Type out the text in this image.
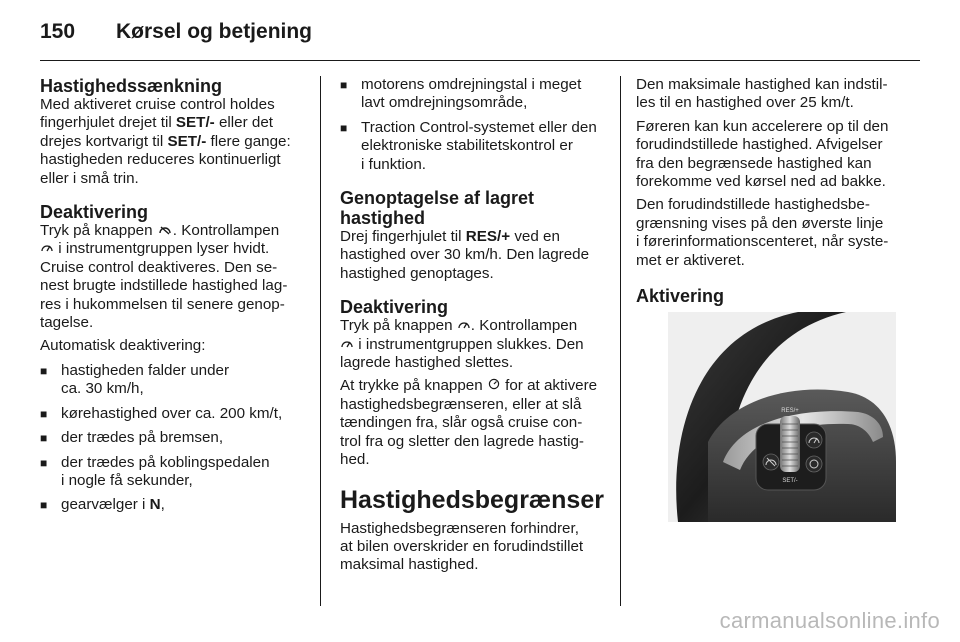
150 Kørsel og betjening
Hastighedssænkning

Med aktiveret cruise control holdes
fingerhjulet drejet til SET/- eller det
drejes kortvarigt til SET/- flere gange:
hastigheden reduceres kontinuerligt
eller i små trin.

Deaktivering

Tryk på knappen . Kontrollampen
i instrumentgruppen lyser hvidt.
Cruise control deaktiveres. Den se-
nest brugte indstillede hastighed lag-
res i hukommelsen til senere genop-
tagelse.

Automatisk deaktivering:

■ hastigheden falder under
ca. 30 km/h,
■ kørehastighed over ca. 200 km/t,
■ der trædes på bremsen,
■ der trædes på koblingspedalen
i nogle få sekunder,
■ gearvælger i N,
■ motorens omdrejningstal i meget
lavt omdrejningsområde,
■ Traction Control-systemet eller den
elektroniske stabilitetskontrol er
i funktion.
Genoptagelse af lagret
hastighed

Drej fingerhjulet til RES/+ ved en
hastighed over 30 km/h. Den lagrede
hastighed genoptages.

Deaktivering

Tryk på knappen . Kontrollampen
i instrumentgruppen slukkes. Den
lagrede hastighed slettes.

At trykke på knappen  for at aktivere
hastighedsbegrænseren, eller at slå
tændingen fra, slår også cruise con-
trol fra og sletter den lagrede hastig-
hed.

Hastighedsbegrænser

Hastighedsbegrænseren forhindrer,
at bilen overskrider en forudindstillet
maksimal hastighed.

Den maksimale hastighed kan indstil-
les til en hastighed over 25 km/t.

Føreren kan kun accelerere op til den
forudindstillede hastighed. Afvigelser
fra den begrænsede hastighed kan
forekomme ved kørsel ned ad bakke.

Den forudindstillede hastighedsbe-
grænsning vises på den øverste linje
i førerinformationscenteret, når syste-
met er aktiveret.

Aktivering
RES/+
SET/-
carmanualsonline.info
